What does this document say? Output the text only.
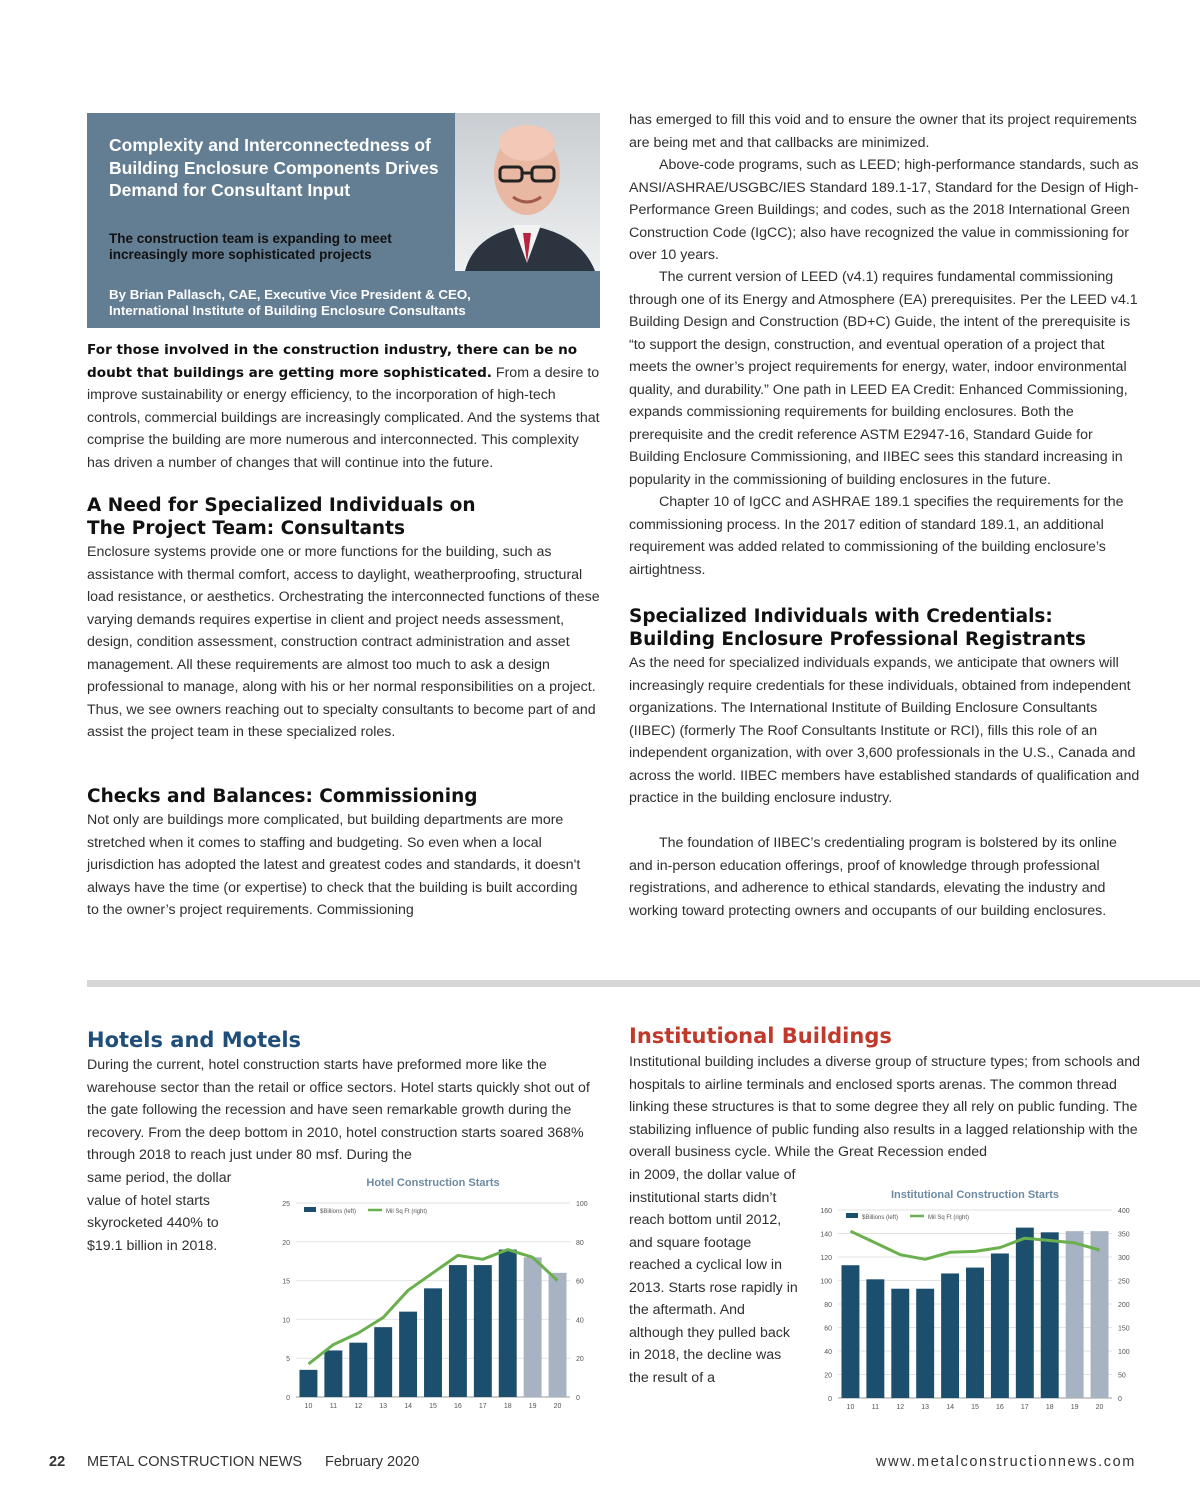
Complexity and Interconnectedness of Building Enclosure Components Drives Demand for Consultant Input
The construction team is expanding to meet increasingly more sophisticated projects
By Brian Pallasch, CAE, Executive Vice President & CEO, International Institute of Building Enclosure Consultants

For those involved in the construction industry, there can be no doubt that buildings are getting more sophisticated. From a desire to improve sustainability or energy efficiency, to the incorporation of high-tech controls, commercial buildings are increasingly complicated. And the systems that comprise the building are more numerous and interconnected. This complexity has driven a number of changes that will continue into the future.

A Need for Specialized Individuals on
The Project Team: Consultants

Enclosure systems provide one or more functions for the building, such as assistance with thermal comfort, access to daylight, weatherproofing, structural load resistance, or aesthetics. Orchestrating the interconnected functions of these varying demands requires expertise in client and project needs assessment, design, condition assessment, construction contract administration and asset management. All these requirements are almost too much to ask a design professional to manage, along with his or her normal responsibilities on a project. Thus, we see owners reaching out to specialty consultants to become part of and assist the project team in these specialized roles.

Checks and Balances: Commissioning

Not only are buildings more complicated, but building departments are more stretched when it comes to staffing and budgeting. So even when a local jurisdiction has adopted the latest and greatest codes and standards, it doesn't always have the time (or expertise) to check that the building is built according to the owner’s project requirements. Commissioning

has emerged to fill this void and to ensure the owner that its project requirements are being met and that callbacks are minimized.

Above-code programs, such as LEED; high-performance standards, such as ANSI/ASHRAE/USGBC/IES Standard 189.1-17, Standard for the Design of High-Performance Green Buildings; and codes, such as the 2018 International Green Construction Code (IgCC); also have recognized the value in commissioning for over 10 years.

The current version of LEED (v4.1) requires fundamental commissioning through one of its Energy and Atmosphere (EA) prerequisites. Per the LEED v4.1 Building Design and Construction (BD+C) Guide, the intent of the prerequisite is “to support the design, construction, and eventual operation of a project that meets the owner’s project requirements for energy, water, indoor environmental quality, and durability.” One path in LEED EA Credit: Enhanced Commissioning, expands commissioning requirements for building enclosures. Both the prerequisite and the credit reference ASTM E2947-16, Standard Guide for Building Enclosure Commissioning, and IIBEC sees this standard increasing in popularity in the commissioning of building enclosures in the future.

Chapter 10 of IgCC and ASHRAE 189.1 specifies the requirements for the commissioning process. In the 2017 edition of standard 189.1, an additional requirement was added related to commissioning of the building enclosure’s airtightness.

Specialized Individuals with Credentials:
Building Enclosure Professional Registrants

As the need for specialized individuals expands, we anticipate that owners will increasingly require credentials for these individuals, obtained from independent organizations. The International Institute of Building Enclosure Consultants (IIBEC) (formerly The Roof Consultants Institute or RCI), fills this role of an independent organization, with over 3,600 professionals in the U.S., Canada and across the world. IIBEC members have established standards of qualification and practice in the building enclosure industry.

The foundation of IIBEC’s credentialing program is bolstered by its online and in-person education offerings, proof of knowledge through professional registrations, and adherence to ethical standards, elevating the industry and working toward protecting owners and occupants of our building enclosures.

Hotels and Motels

During the current, hotel construction starts have preformed more like the warehouse sector than the retail or office sectors. Hotel starts quickly shot out of the gate following the recession and have seen remarkable growth during the recovery. From the deep bottom in 2010, hotel construction starts soared 368% through 2018 to reach just under 80 msf. During the

same period, the dollar value of hotel starts skyrocketed 440% to $19.1 billion in 2018.

Hotel Construction Starts
$Billions (left)	Mil Sq Ft (right)
0
5
10
15
20
25
0
20
40
60
80
100
10 11 12 13 14 15 16 17 18 19 20
Institutional Buildings

Institutional building includes a diverse group of structure types; from schools and hospitals to airline terminals and enclosed sports arenas. The common thread linking these structures is that to some degree they all rely on public funding. The stabilizing influence of public funding also results in a lagged relationship with the overall business cycle. While the Great Recession ended

in 2009, the dollar value of institutional starts didn’t reach bottom until 2012, and square footage reached a cyclical low in 2013. Starts rose rapidly in the aftermath. And although they pulled back in 2018, the decline was the result of a

Institutional Construction Starts
$Billions (left)	Mil Sq Ft (right)
0
20
40
60
80
100
120
140
160
0
50
100
150
200
250
300
350
400
10 11 12 13 14 15 16 17 18 19 20
22 METAL CONSTRUCTION NEWS February 2020	www.metalconstructionnews.com
